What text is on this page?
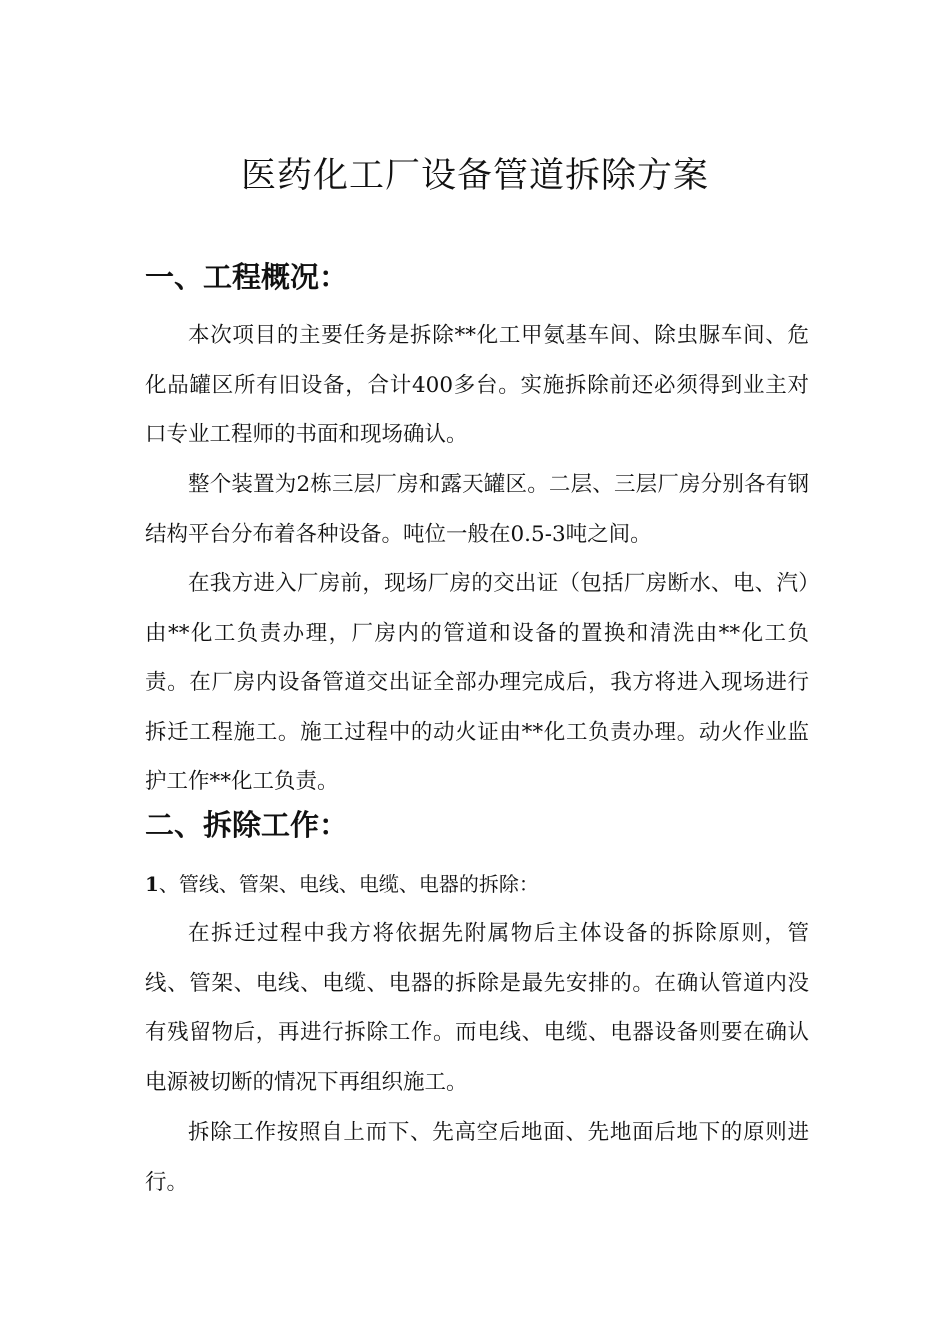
医药化工厂设备管道拆除方案
一、工程概况：

本次项目的主要任务是拆除**化工甲氨基车间、除虫脲车间、危化品罐区所有旧设备，合计400多台。实施拆除前还必须得到业主对口专业工程师的书面和现场确认。

整个装置为2栋三层厂房和露天罐区。二层、三层厂房分别各有钢结构平台分布着各种设备。吨位一般在0.5-3吨之间。

在我方进入厂房前，现场厂房的交出证（包括厂房断水、电、汽）由**化工负责办理，厂房内的管道和设备的置换和清洗由**化工负责。在厂房内设备管道交出证全部办理完成后，我方将进入现场进行拆迁工程施工。施工过程中的动火证由**化工负责办理。动火作业监护工作**化工负责。

二、拆除工作：

1、管线、管架、电线、电缆、电器的拆除：

在拆迁过程中我方将依据先附属物后主体设备的拆除原则，管线、管架、电线、电缆、电器的拆除是最先安排的。在确认管道内没有残留物后，再进行拆除工作。而电线、电缆、电器设备则要在确认电源被切断的情况下再组织施工。

拆除工作按照自上而下、先高空后地面、先地面后地下的原则进行。
